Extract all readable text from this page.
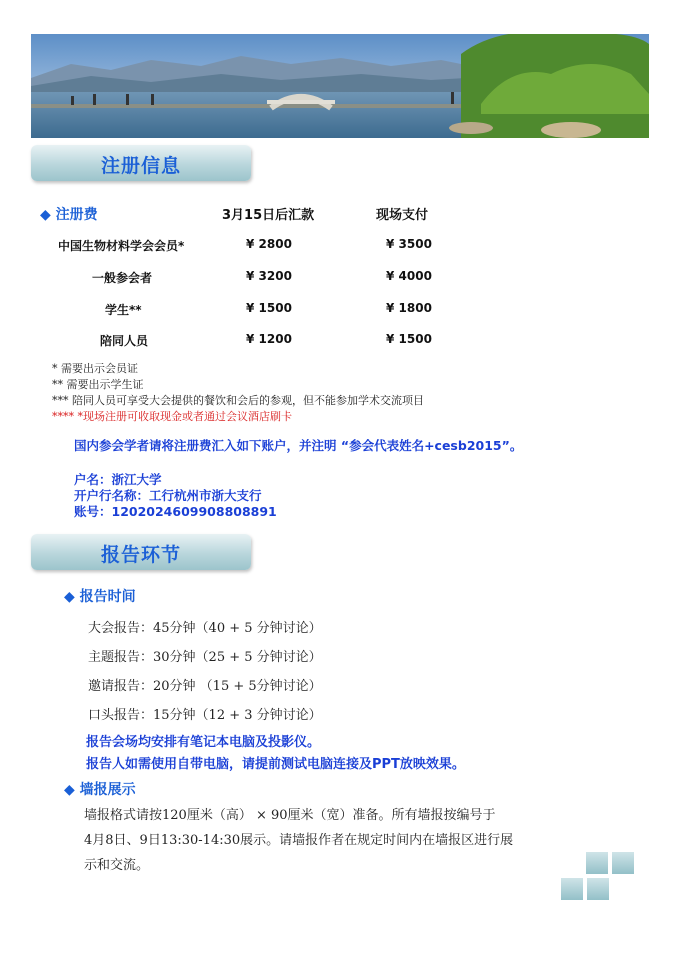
注册信息
◆ 注册费	3月15日后汇款	现场支付
中国生物材料学会会员*	¥ 2800	¥ 3500
一般参会者	¥ 3200	¥ 4000
学生**	¥ 1500	¥ 1800
陪同人员	¥ 1200	¥ 1500
* 需要出示会员证
** 需要出示学生证
*** 陪同人员可享受大会提供的餐饮和会后的参观，但不能参加学术交流项目
**** *现场注册可收取现金或者通过会议酒店刷卡
国内参会学者请将注册费汇入如下账户，并注明 “参会代表姓名+cesb2015”。
户名：浙江大学
开户行名称：工行杭州市浙大支行
账号：1202024609908808891
报告环节
◆ 报告时间
大会报告：45分钟（40 + 5 分钟讨论）
主题报告：30分钟（25 + 5 分钟讨论）
邀请报告：20分钟 （15 + 5分钟讨论）
口头报告：15分钟（12 + 3 分钟讨论）
报告会场均安排有笔记本电脑及投影仪。
报告人如需使用自带电脑，请提前测试电脑连接及PPT放映效果。
◆ 墙报展示
墙报格式请按120厘米（高） × 90厘米（宽）准备。所有墙报按编号于
4月8日、9日13:30-14:30展示。请墙报作者在规定时间内在墙报区进行展
示和交流。
